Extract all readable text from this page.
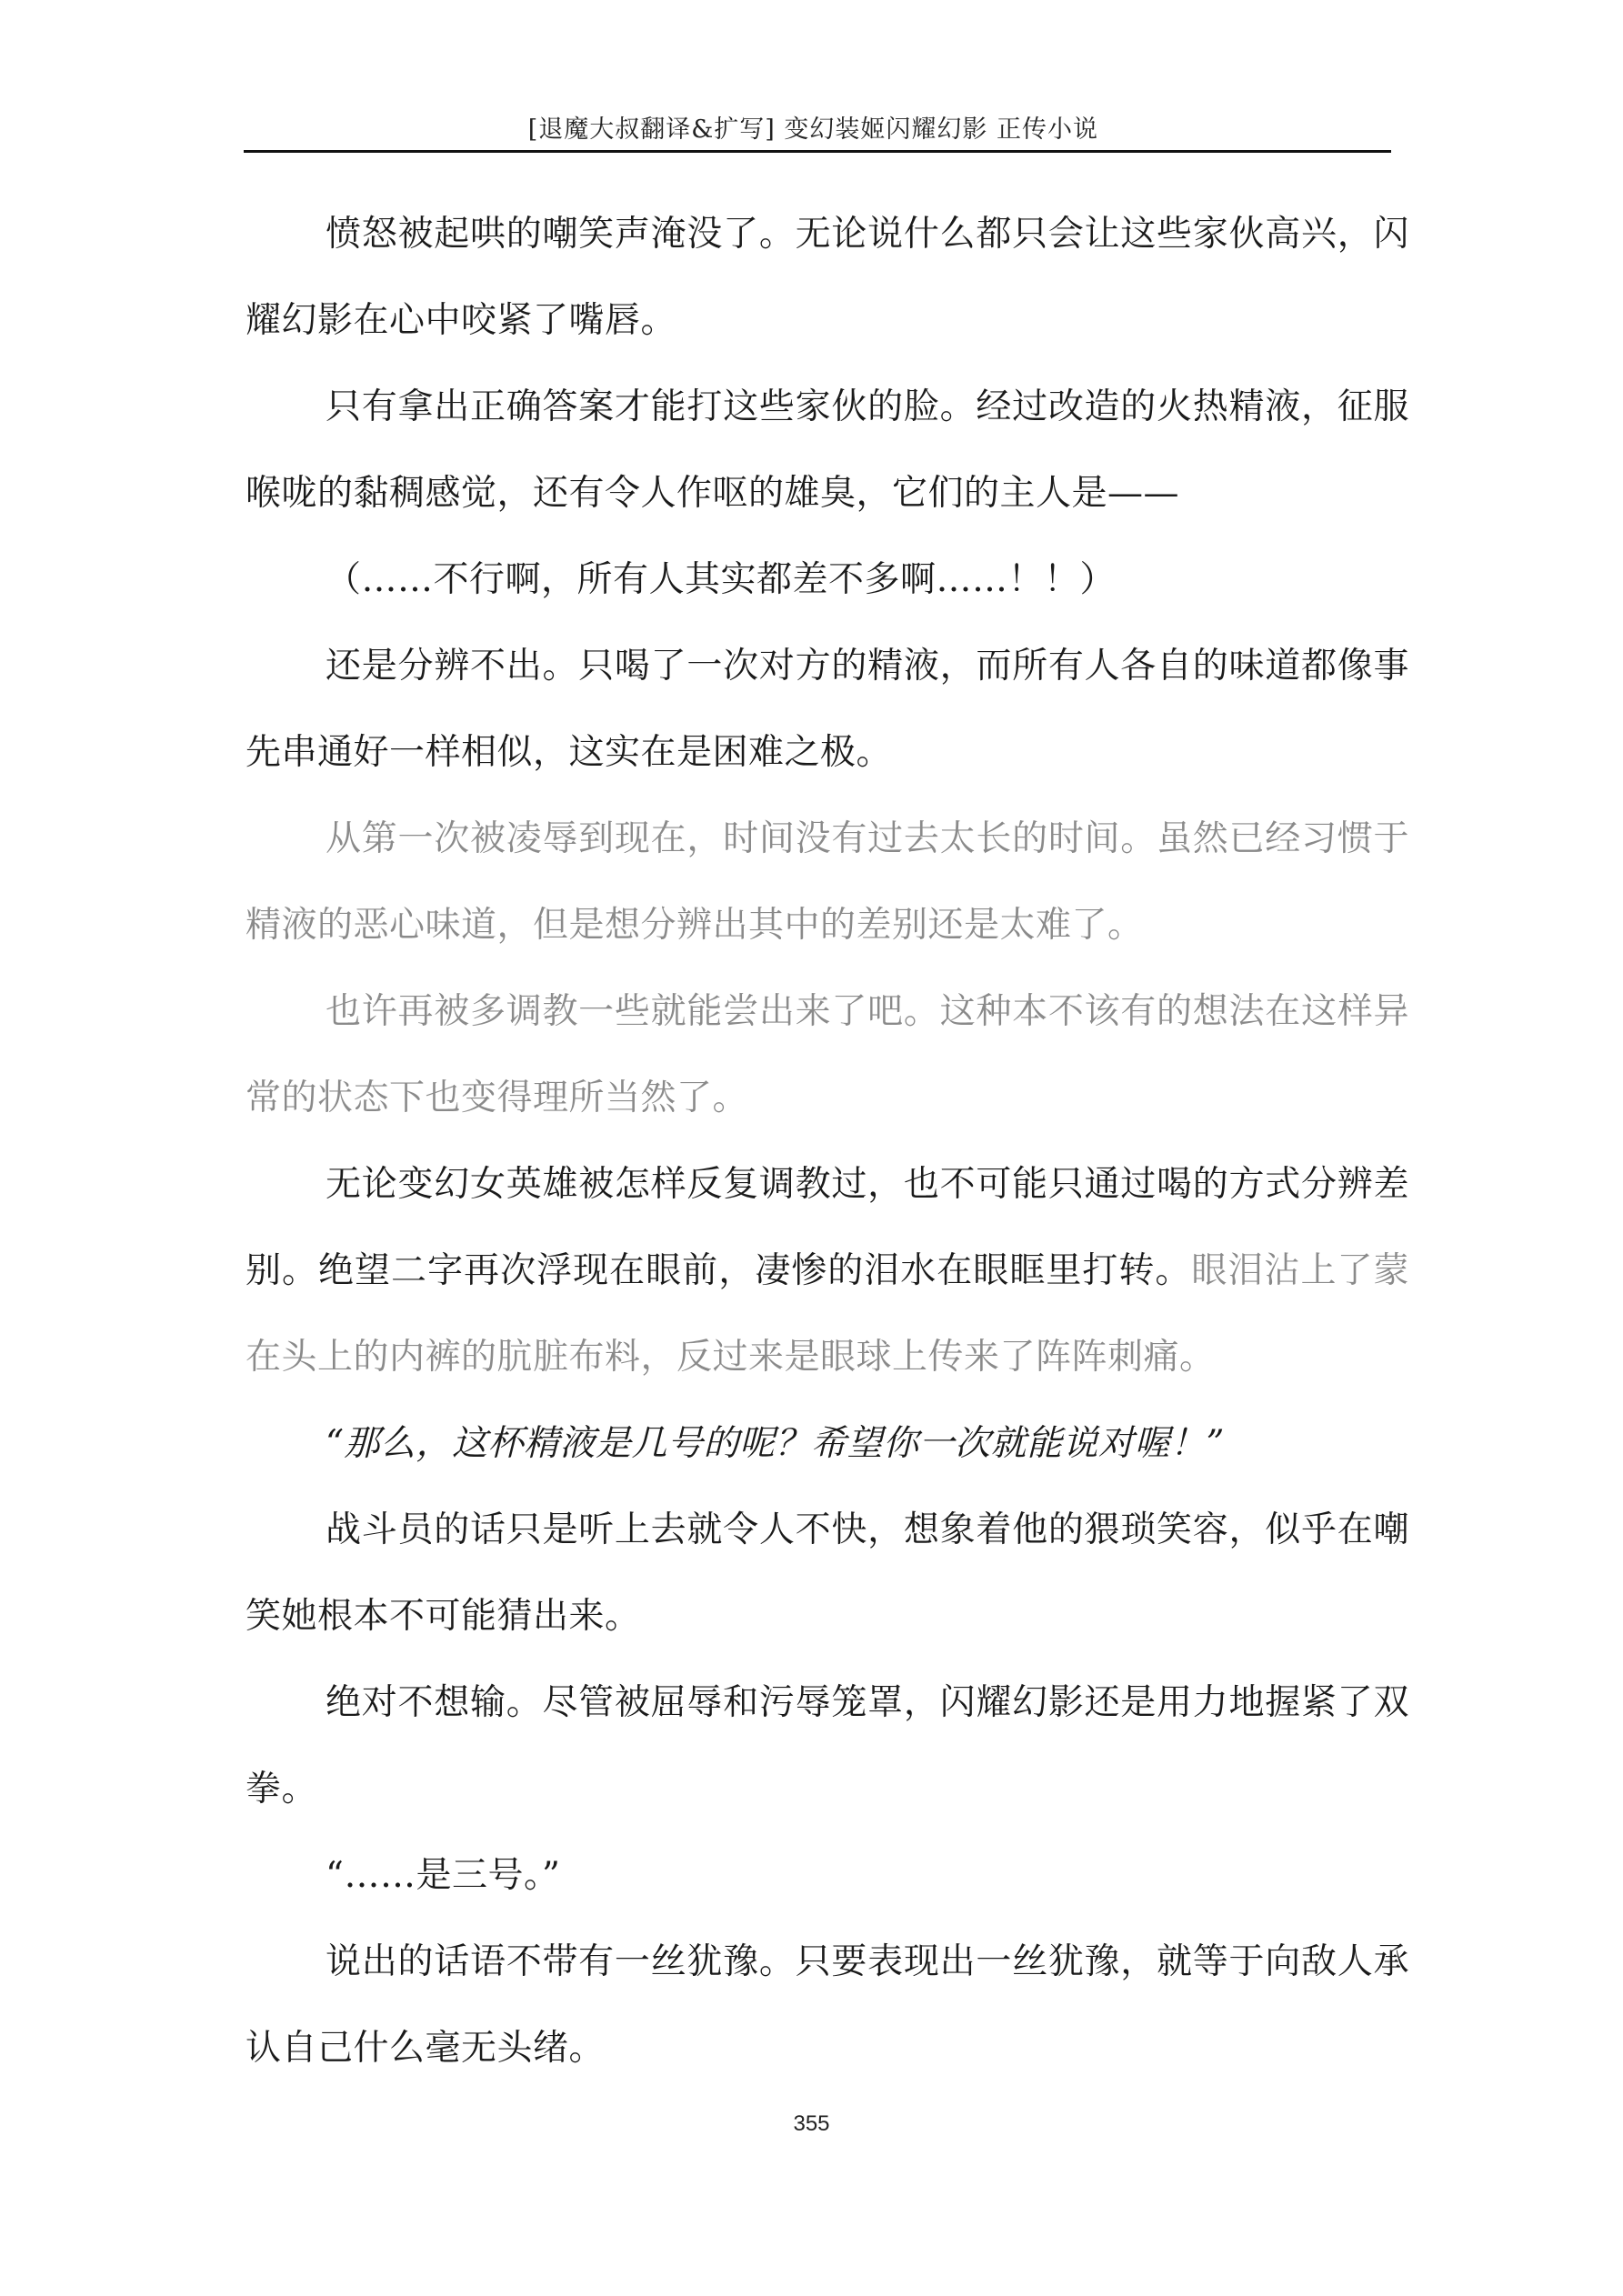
[退魔大叔翻译&扩写] 变幻装姬闪耀幻影 正传小说

愤怒被起哄的嘲笑声淹没了。无论说什么都只会让这些家伙高兴，闪耀幻影在心中咬紧了嘴唇。

只有拿出正确答案才能打这些家伙的脸。经过改造的火热精液，征服喉咙的黏稠感觉，还有令人作呕的雄臭，它们的主人是——

（……不行啊，所有人其实都差不多啊……！！）

还是分辨不出。只喝了一次对方的精液，而所有人各自的味道都像事先串通好一样相似，这实在是困难之极。

从第一次被凌辱到现在，时间没有过去太长的时间。虽然已经习惯于精液的恶心味道，但是想分辨出其中的差别还是太难了。

也许再被多调教一些就能尝出来了吧。这种本不该有的想法在这样异常的状态下也变得理所当然了。

无论变幻女英雄被怎样反复调教过，也不可能只通过喝的方式分辨差别。绝望二字再次浮现在眼前，凄惨的泪水在眼眶里打转。眼泪沾上了蒙在头上的内裤的肮脏布料，反过来是眼球上传来了阵阵刺痛。

“那么，这杯精液是几号的呢？希望你一次就能说对喔！”

战斗员的话只是听上去就令人不快，想象着他的猥琐笑容，似乎在嘲笑她根本不可能猜出来。

绝对不想输。尽管被屈辱和污辱笼罩，闪耀幻影还是用力地握紧了双拳。

“……是三号。”

说出的话语不带有一丝犹豫。只要表现出一丝犹豫，就等于向敌人承认自己什么毫无头绪。

355
